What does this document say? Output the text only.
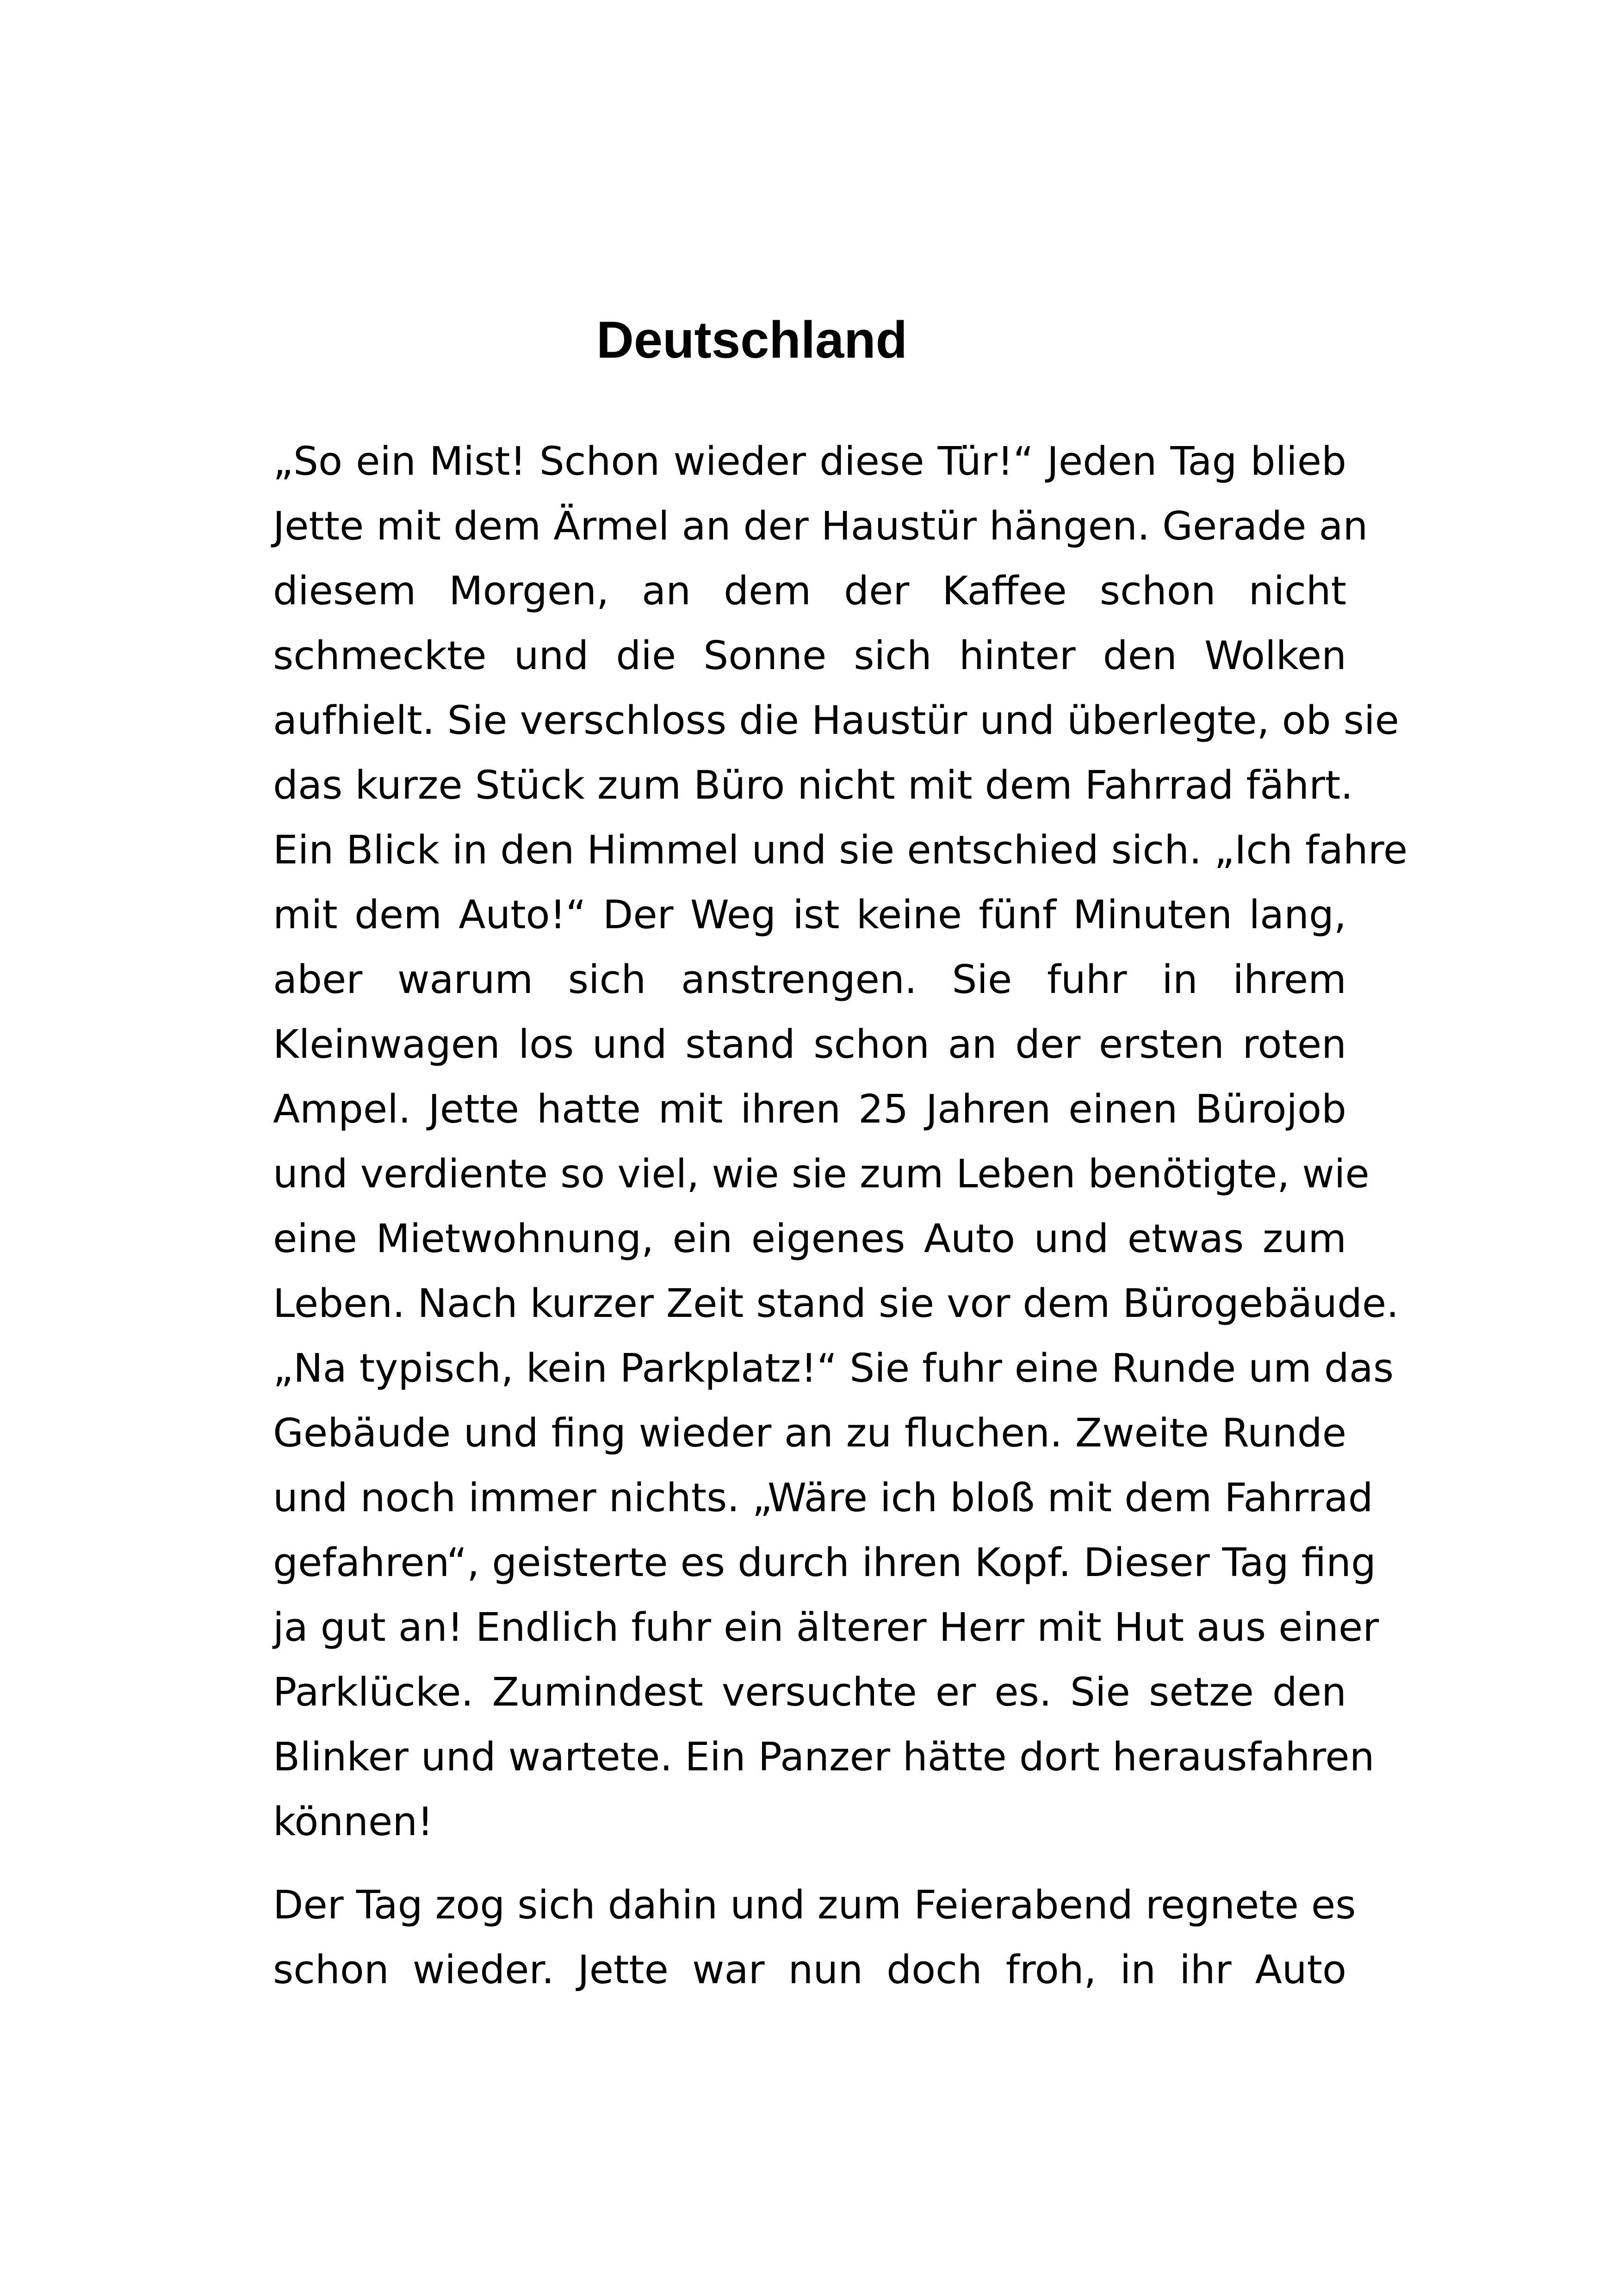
Deutschland
„So ein Mist! Schon wieder diese Tür!“ Jeden Tag blieb
Jette mit dem Ärmel an der Haustür hängen. Gerade an
diesem Morgen, an dem der Kaffee schon nicht
schmeckte und die Sonne sich hinter den Wolken
aufhielt. Sie verschloss die Haustür und überlegte, ob sie
das kurze Stück zum Büro nicht mit dem Fahrrad fährt.
Ein Blick in den Himmel und sie entschied sich. „Ich fahre
mit dem Auto!“ Der Weg ist keine fünf Minuten lang,
aber warum sich anstrengen. Sie fuhr in ihrem
Kleinwagen los und stand schon an der ersten roten
Ampel. Jette hatte mit ihren 25 Jahren einen Bürojob
und verdiente so viel, wie sie zum Leben benötigte, wie
eine Mietwohnung, ein eigenes Auto und etwas zum
Leben. Nach kurzer Zeit stand sie vor dem Bürogebäude.
„Na typisch, kein Parkplatz!“ Sie fuhr eine Runde um das
Gebäude und fing wieder an zu fluchen. Zweite Runde
und noch immer nichts. „Wäre ich bloß mit dem Fahrrad
gefahren“, geisterte es durch ihren Kopf. Dieser Tag fing
ja gut an! Endlich fuhr ein älterer Herr mit Hut aus einer
Parklücke. Zumindest versuchte er es. Sie setze den
Blinker und wartete. Ein Panzer hätte dort herausfahren
können!
Der Tag zog sich dahin und zum Feierabend regnete es
schon wieder. Jette war nun doch froh, in ihr Auto
